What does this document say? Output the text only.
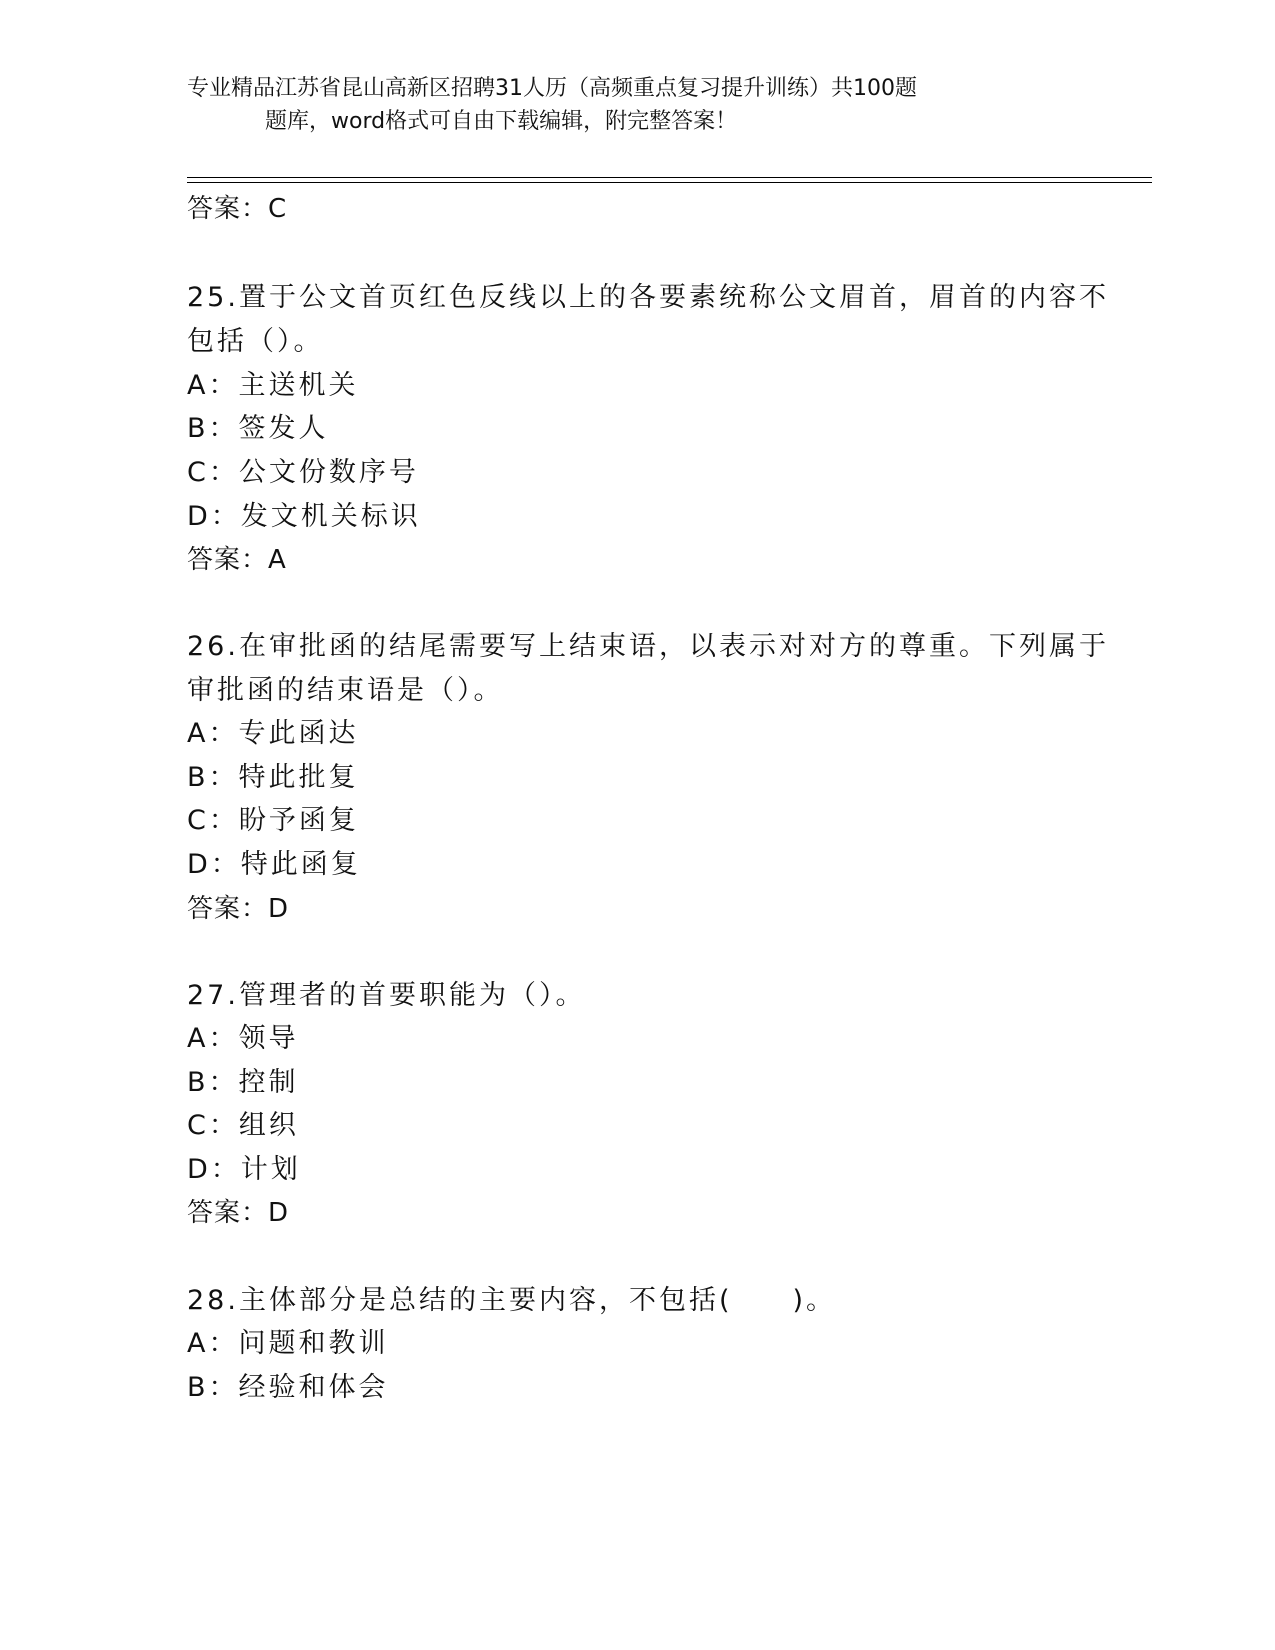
专业精品江苏省昆山高新区招聘31人历（高频重点复习提升训练）共100题
题库，word格式可自由下载编辑，附完整答案！
答案：C
25.置于公文首页红色反线以上的各要素统称公文眉首，眉首的内容不
包括（）。
A：主送机关
B：签发人
C：公文份数序号
D：发文机关标识
答案：A
26.在审批函的结尾需要写上结束语，以表示对对方的尊重。下列属于
审批函的结束语是（）。
A：专此函达
B：特此批复
C：盼予函复
D：特此函复
答案：D
27.管理者的首要职能为（）。
A：领导
B：控制
C：组织
D：计划
答案：D
28.主体部分是总结的主要内容，不包括(　　)。
A：问题和教训
B：经验和体会
